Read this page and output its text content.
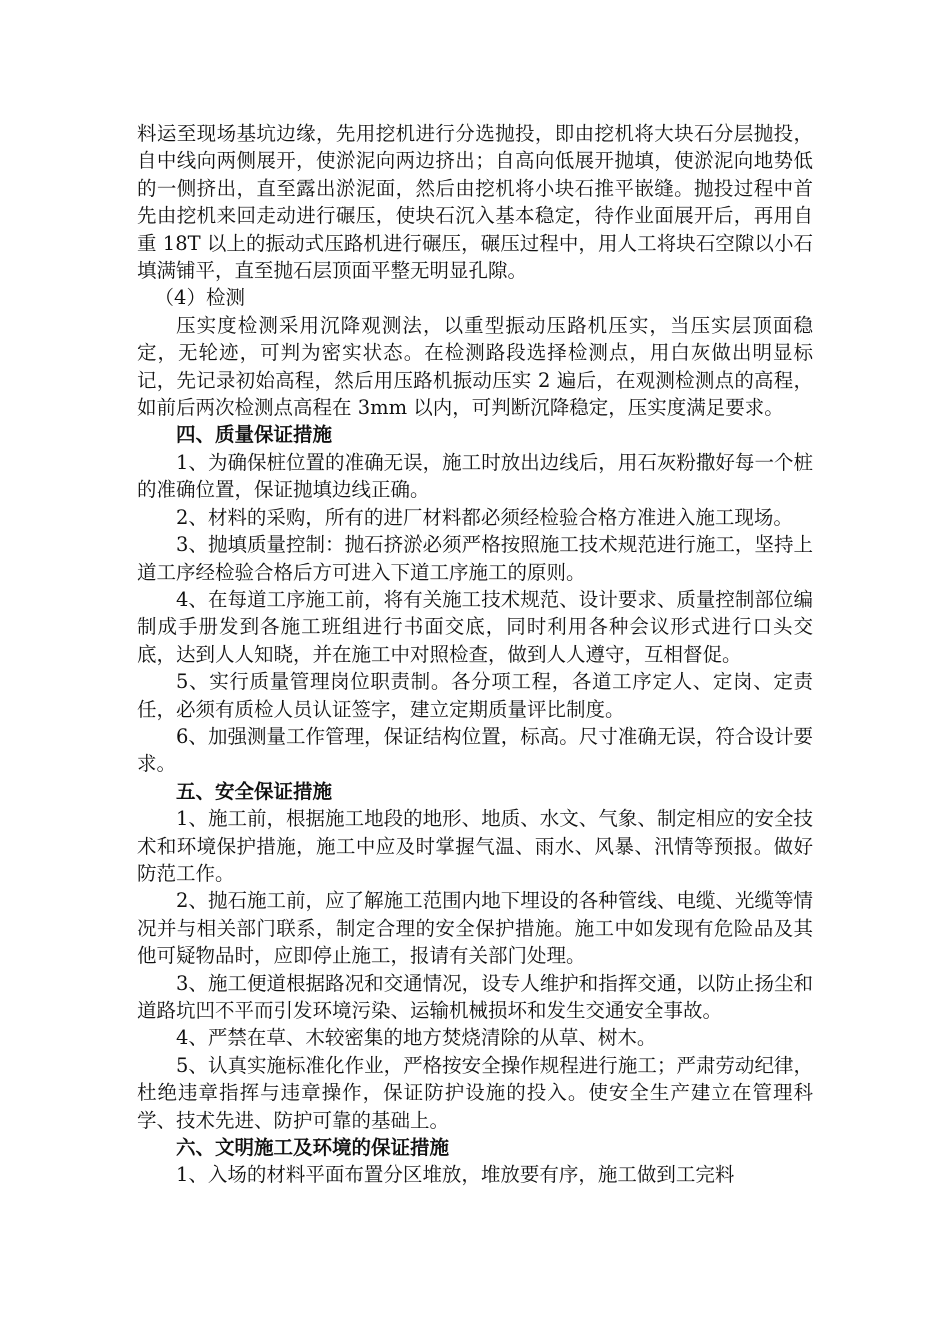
料运至现场基坑边缘，先用挖机进行分选抛投，即由挖机将大块石分层抛投，自中线向两侧展开，使淤泥向两边挤出；自高向低展开抛填，使淤泥向地势低的一侧挤出，直至露出淤泥面，然后由挖机将小块石推平嵌缝。抛投过程中首先由挖机来回走动进行碾压，使块石沉入基本稳定，待作业面展开后，再用自重 18T 以上的振动式压路机进行碾压，碾压过程中，用人工将块石空隙以小石填满铺平，直至抛石层顶面平整无明显孔隙。

（4）检测

压实度检测采用沉降观测法，以重型振动压路机压实，当压实层顶面稳定，无轮迹，可判为密实状态。在检测路段选择检测点，用白灰做出明显标记，先记录初始高程，然后用压路机振动压实 2 遍后，在观测检测点的高程，如前后两次检测点高程在 3mm 以内，可判断沉降稳定，压实度满足要求。

四、质量保证措施

1、为确保桩位置的准确无误，施工时放出边线后，用石灰粉撒好每一个桩的准确位置，保证抛填边线正确。

2、材料的采购，所有的进厂材料都必须经检验合格方准进入施工现场。

3、抛填质量控制：抛石挤淤必须严格按照施工技术规范进行施工，坚持上道工序经检验合格后方可进入下道工序施工的原则。

4、在每道工序施工前，将有关施工技术规范、设计要求、质量控制部位编制成手册发到各施工班组进行书面交底，同时利用各种会议形式进行口头交底，达到人人知晓，并在施工中对照检查，做到人人遵守，互相督促。

5、实行质量管理岗位职责制。各分项工程，各道工序定人、定岗、定责任，必须有质检人员认证签字，建立定期质量评比制度。

6、加强测量工作管理，保证结构位置，标高。尺寸准确无误，符合设计要求。

五、安全保证措施

1、施工前，根据施工地段的地形、地质、水文、气象、制定相应的安全技术和环境保护措施，施工中应及时掌握气温、雨水、风暴、汛情等预报。做好防范工作。

2、抛石施工前，应了解施工范围内地下埋设的各种管线、电缆、光缆等情况并与相关部门联系，制定合理的安全保护措施。施工中如发现有危险品及其他可疑物品时，应即停止施工，报请有关部门处理。

3、施工便道根据路况和交通情况，设专人维护和指挥交通，以防止扬尘和道路坑凹不平而引发环境污染、运输机械损坏和发生交通安全事故。

4、严禁在草、木较密集的地方焚烧清除的从草、树木。

5、认真实施标准化作业，严格按安全操作规程进行施工；严肃劳动纪律，杜绝违章指挥与违章操作，保证防护设施的投入。使安全生产建立在管理科学、技术先进、防护可靠的基础上。

六、文明施工及环境的保证措施

1、入场的材料平面布置分区堆放，堆放要有序，施工做到工完料
